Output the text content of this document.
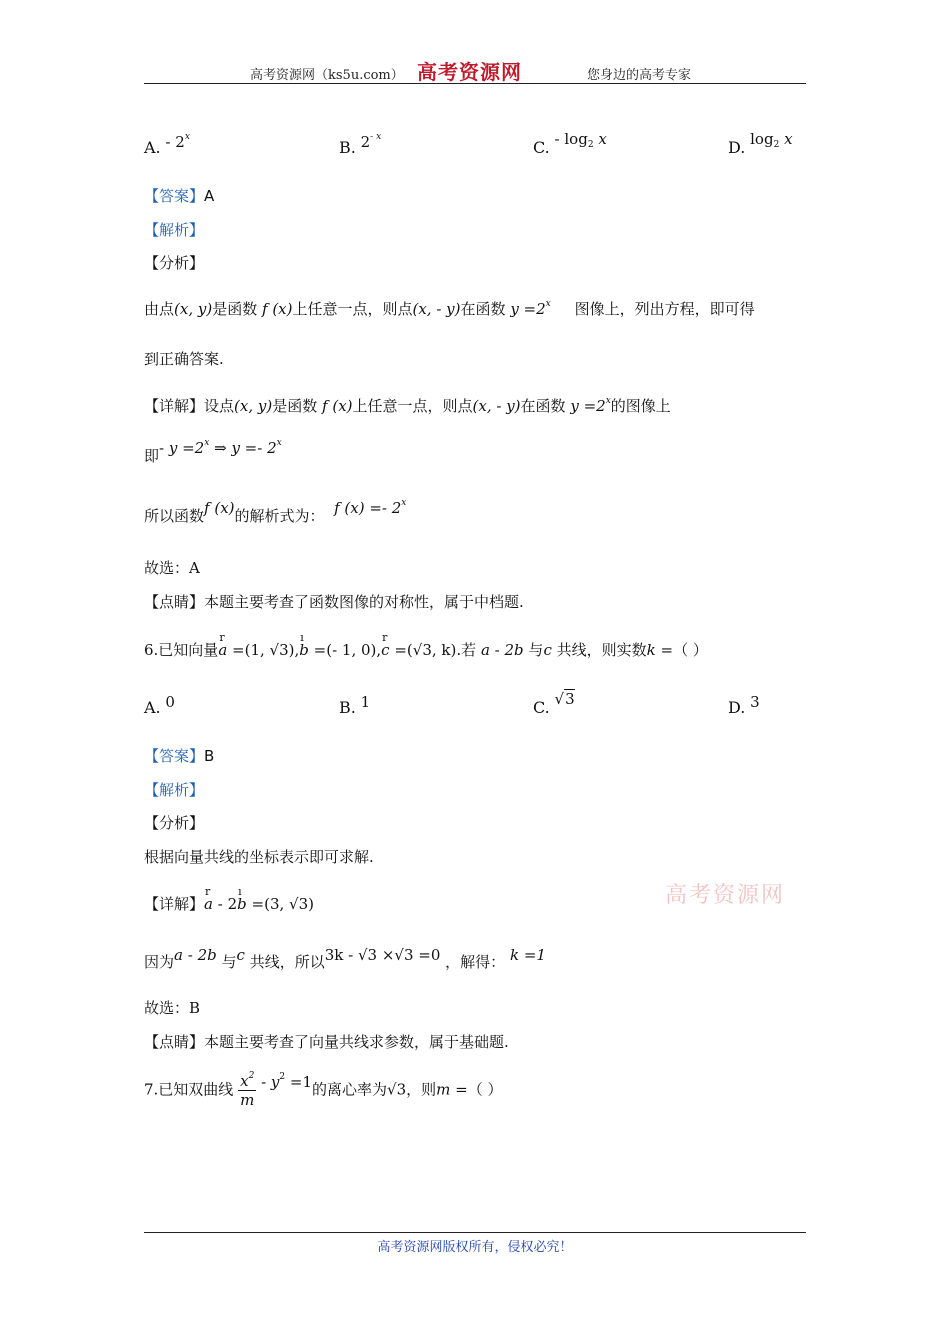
高考资源网（ks5u.com） 高考资源网	您身边的高考专家
A. - 2$^x$
B. $2^{- x}$
C. - $\log_2 x$	D. $\log_2 x$
【答案】A
【解析】
【分析】
由点(x, y)是函数 f (x)上任意一点，则点(x, - y)在函数 $y =2^x$ 图像上，列出方程，即可得
到正确答案.
【详解】设点(x, y)是函数 f (x)上任意一点，则点(x, - y)在函数 $y =2^x$的图像上
即- $y =2^x$ ⇒ y =- 2$^x$
所以函数f (x)的解析式为： f (x) =- 2$^x$
故选：A
【点睛】本题主要考查了函数图像的对称性，属于中档题.
6.已知向量
r
a =(1, √3),
ı
b =(- 1, 0),
r
c =(√3, k).若 a - 2b 与c 共线，则实数k =（ ）
A. 0	B. 1	C. √3	D. 3
【答案】B
【解析】
【分析】
根据向量共线的坐标表示即可求解.
【详解】
r
a - 2
ı
b =(3, √3)	高考资源网
因为a - 2b 与c 共线，所以3k - √3 ×√3 =0 ，解得： k =1
故选：B
【点睛】本题主要考查了向量共线求参数，属于基础题.
7.已知双曲线 $\frac{x^2}{m} - y^2 =1$的离心率为√3，则m =（ ）
高考资源网版权所有，侵权必究！
